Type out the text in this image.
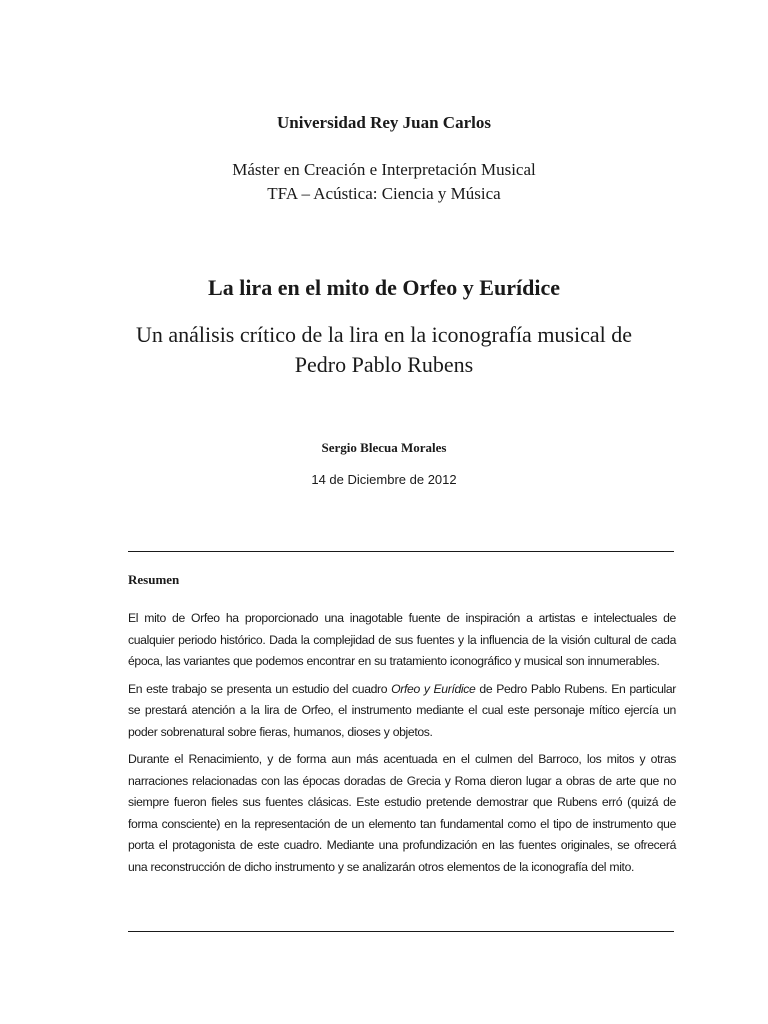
Universidad Rey Juan Carlos
Máster en Creación e Interpretación Musical
TFA – Acústica: Ciencia y Música
La lira en el mito de Orfeo y Eurídice
Un análisis crítico de la lira en la iconografía musical de Pedro Pablo Rubens
Sergio Blecua Morales
14 de Diciembre de 2012
Resumen

El mito de Orfeo ha proporcionado una inagotable fuente de inspiración a artistas e intelectuales de cualquier periodo histórico. Dada la complejidad de sus fuentes y la influencia de la visión cultural de cada época, las variantes que podemos encontrar en su tratamiento iconográfico y musical son innumerables.

En este trabajo se presenta un estudio del cuadro Orfeo y Eurídice de Pedro Pablo Rubens. En particular se prestará atención a la lira de Orfeo, el instrumento mediante el cual este personaje mítico ejercía un poder sobrenatural sobre fieras, humanos, dioses y objetos.

Durante el Renacimiento, y de forma aun más acentuada en el culmen del Barroco, los mitos y otras narraciones relacionadas con las épocas doradas de Grecia y Roma dieron lugar a obras de arte que no siempre fueron fieles sus fuentes clásicas. Este estudio pretende demostrar que Rubens erró (quizá de forma consciente) en la representación de un elemento tan fundamental como el tipo de instrumento que porta el protagonista de este cuadro. Mediante una profundización en las fuentes originales, se ofrecerá una reconstrucción de dicho instrumento y se analizarán otros elementos de la iconografía del mito.
